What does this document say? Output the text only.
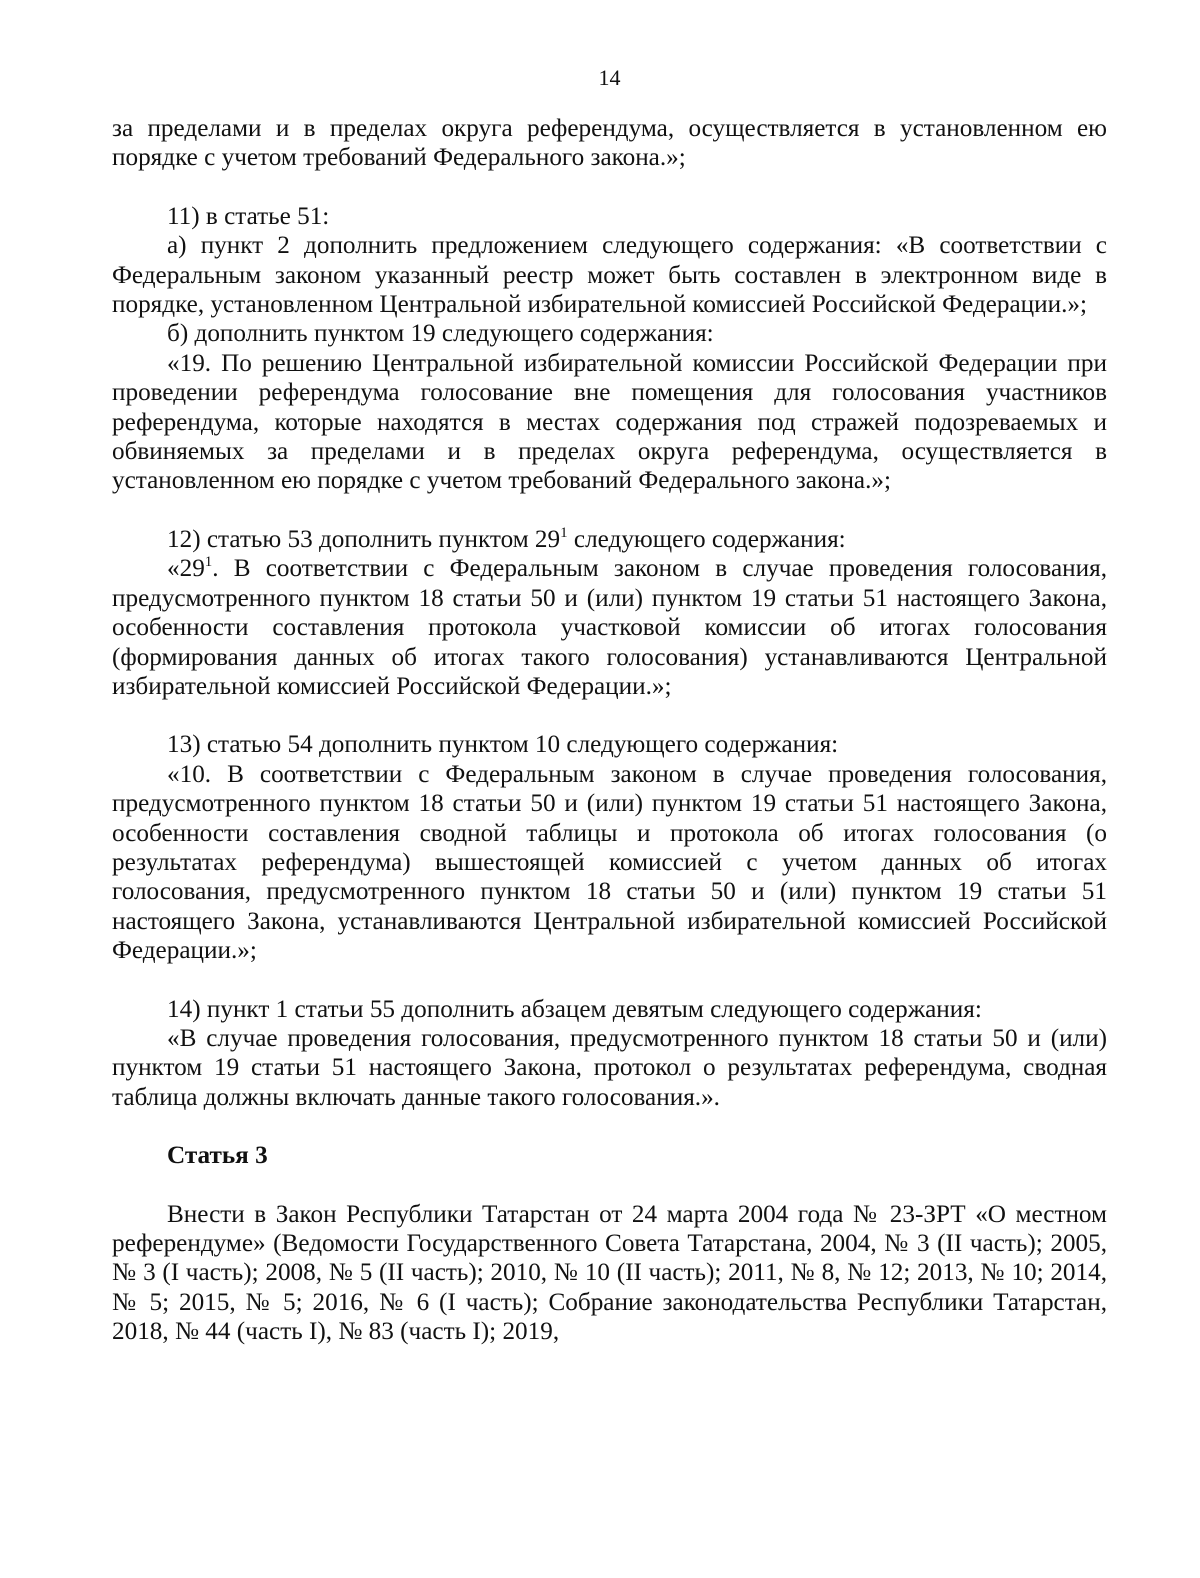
14

за пределами и в пределах округа референдума, осуществляется в установленном ею порядке с учетом требований Федерального закона.»;

11) в статье 51:

а) пункт 2 дополнить предложением следующего содержания: «В соответствии с Федеральным законом указанный реестр может быть составлен в электронном виде в порядке, установленном Центральной избирательной комиссией Российской Федерации.»;

б) дополнить пунктом 19 следующего содержания:

«19. По решению Центральной избирательной комиссии Российской Федерации при проведении референдума голосование вне помещения для голосования участников референдума, которые находятся в местах содержания под стражей подозреваемых и обвиняемых за пределами и в пределах округа референдума, осуществляется в установленном ею порядке с учетом требований Федерального закона.»;

12) статью 53 дополнить пунктом $29^1$ следующего содержания:

«$29^1$. В соответствии с Федеральным законом в случае проведения голосования, предусмотренного пунктом 18 статьи 50 и (или) пунктом 19 статьи 51 настоящего Закона, особенности составления протокола участковой комиссии об итогах голосования (формирования данных об итогах такого голосования) устанавливаются Центральной избирательной комиссией Российской Федерации.»;

13) статью 54 дополнить пунктом 10 следующего содержания:

«10. В соответствии с Федеральным законом в случае проведения голосования, предусмотренного пунктом 18 статьи 50 и (или) пунктом 19 статьи 51 настоящего Закона, особенности составления сводной таблицы и протокола об итогах голосования (о результатах референдума) вышестоящей комиссией с учетом данных об итогах голосования, предусмотренного пунктом 18 статьи 50 и (или) пунктом 19 статьи 51 настоящего Закона, устанавливаются Центральной избирательной комиссией Российской Федерации.»;

14) пункт 1 статьи 55 дополнить абзацем девятым следующего содержания:

«В случае проведения голосования, предусмотренного пунктом 18 статьи 50 и (или) пунктом 19 статьи 51 настоящего Закона, протокол о результатах референдума, сводная таблица должны включать данные такого голосования.».

Статья 3

Внести в Закон Республики Татарстан от 24 марта 2004 года № 23-ЗРТ «О местном референдуме» (Ведомости Государственного Совета Татарстана, 2004, № 3 (II часть); 2005, № 3 (I часть); 2008, № 5 (II часть); 2010, № 10 (II часть); 2011, № 8, № 12; 2013, № 10; 2014, № 5; 2015, № 5; 2016, № 6 (I часть); Собрание законодательства Республики Татарстан, 2018, № 44 (часть I), № 83 (часть I); 2019,
